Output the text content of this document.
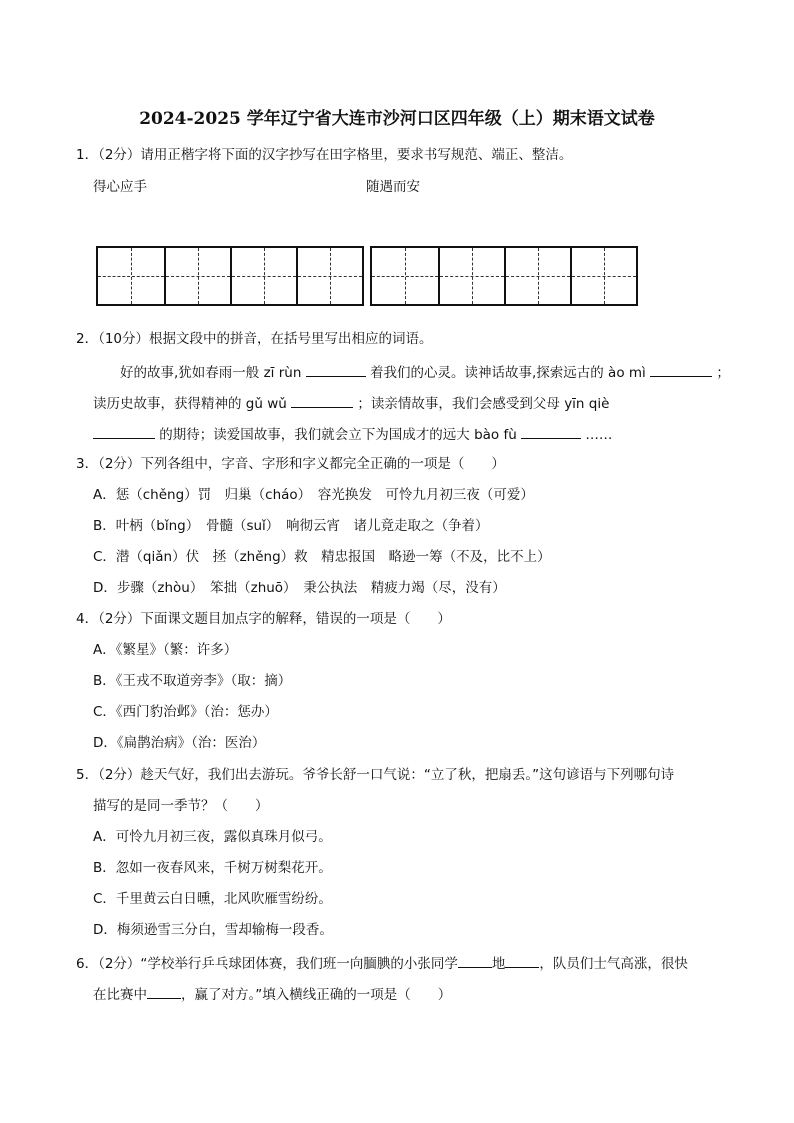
2024-2025 学年辽宁省大连市沙河口区四年级（上）期末语文试卷
1．（2分）请用正楷字将下面的汉字抄写在田字格里，要求书写规范、端正、整洁。
得心应手	随遇而安
2．（10分）根据文段中的拼音，在括号里写出相应的词语。
好的故事,犹如春雨一般 zī rùn	着我们的心灵。读神话故事,探索远古的 ào mì	；
读历史故事，获得精神的 gǔ wǔ	；读亲情故事，我们会感受到父母 yīn qiè
的期待；读爱国故事，我们就会立下为国成才的远大 bào fù	……
3．（2分）下列各组中，字音、字形和字义都完全正确的一项是（　　）
A．惩（chěng）罚　归巢（cháo）　容光换发　可怜九月初三夜（可爱）
B．叶柄（bǐng）　骨髓（suǐ）　响彻云宵　诸儿竟走取之（争着）
C．潜（qiǎn）伏　拯（zhěng）救　精忠报国　略逊一筹（不及，比不上）
D．步骤（zhòu）　笨拙（zhuō）　秉公执法　精疲力竭（尽，没有）
4．（2分）下面课文题目加点字的解释，错误的一项是（　　）
A．《繁星》（繁：许多）
B．《王戎不取道旁李》（取：摘）
C．《西门豹治邺》（治：惩办）
D．《扁鹊治病》（治：医治）
5．（2分）趁天气好，我们出去游玩。爷爷长舒一口气说：“立了秋，把扇丢。”这句谚语与下列哪句诗
描写的是同一季节？（　　）
A．可怜九月初三夜，露似真珠月似弓。
B．忽如一夜春风来，千树万树梨花开。
C．千里黄云白日曛，北风吹雁雪纷纷。
D．梅须逊雪三分白，雪却输梅一段香。
6．（2分）“学校举行乒乓球团体赛，我们班一向腼腆的小张同学	地	，队员们士气高涨，很快
在比赛中	，赢了对方。”填入横线正确的一项是（　　）
